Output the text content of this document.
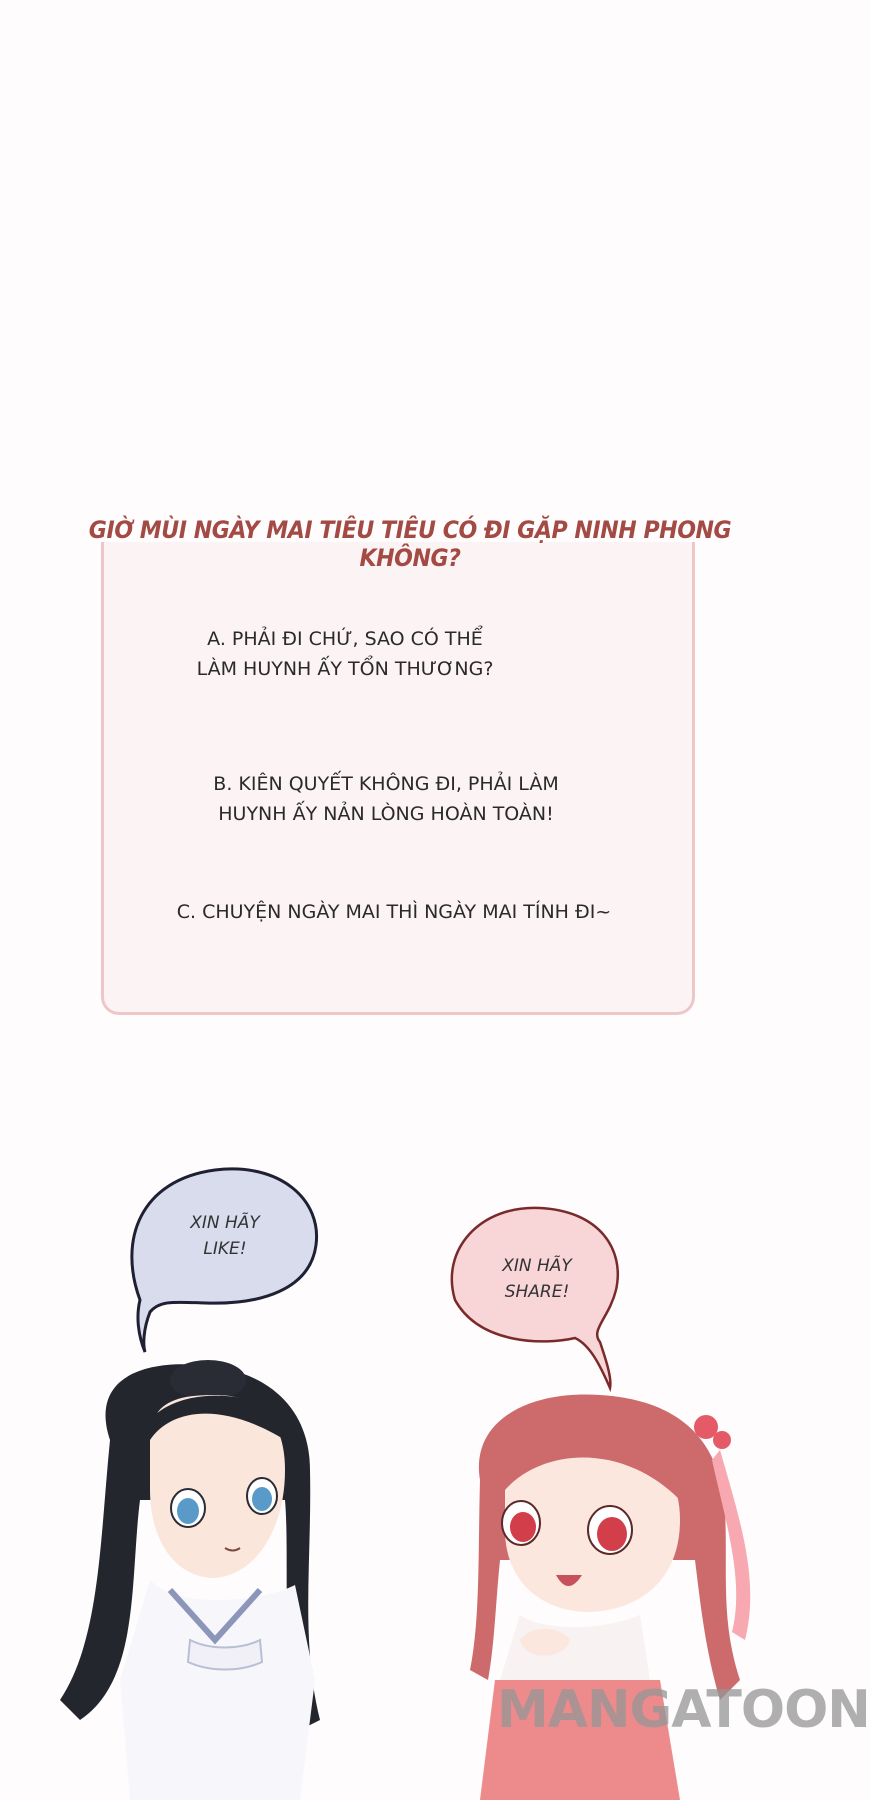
A. PHẢI ĐI CHỨ, SAO CÓ THỂ
LÀM HUYNH ẤY TỔN THƯƠNG?
B. KIÊN QUYẾT KHÔNG ĐI, PHẢI LÀM
HUYNH ẤY NẢN LÒNG HOÀN TOÀN!
C. CHUYỆN NGÀY MAI THÌ NGÀY MAI TÍNH ĐI~
GIỜ MÙI NGÀY MAI TIÊU TIÊU CÓ ĐI GẶP NINH PHONG KHÔNG?
XIN HÃY
LIKE!
XIN HÃY
SHARE!
MANGATOON
